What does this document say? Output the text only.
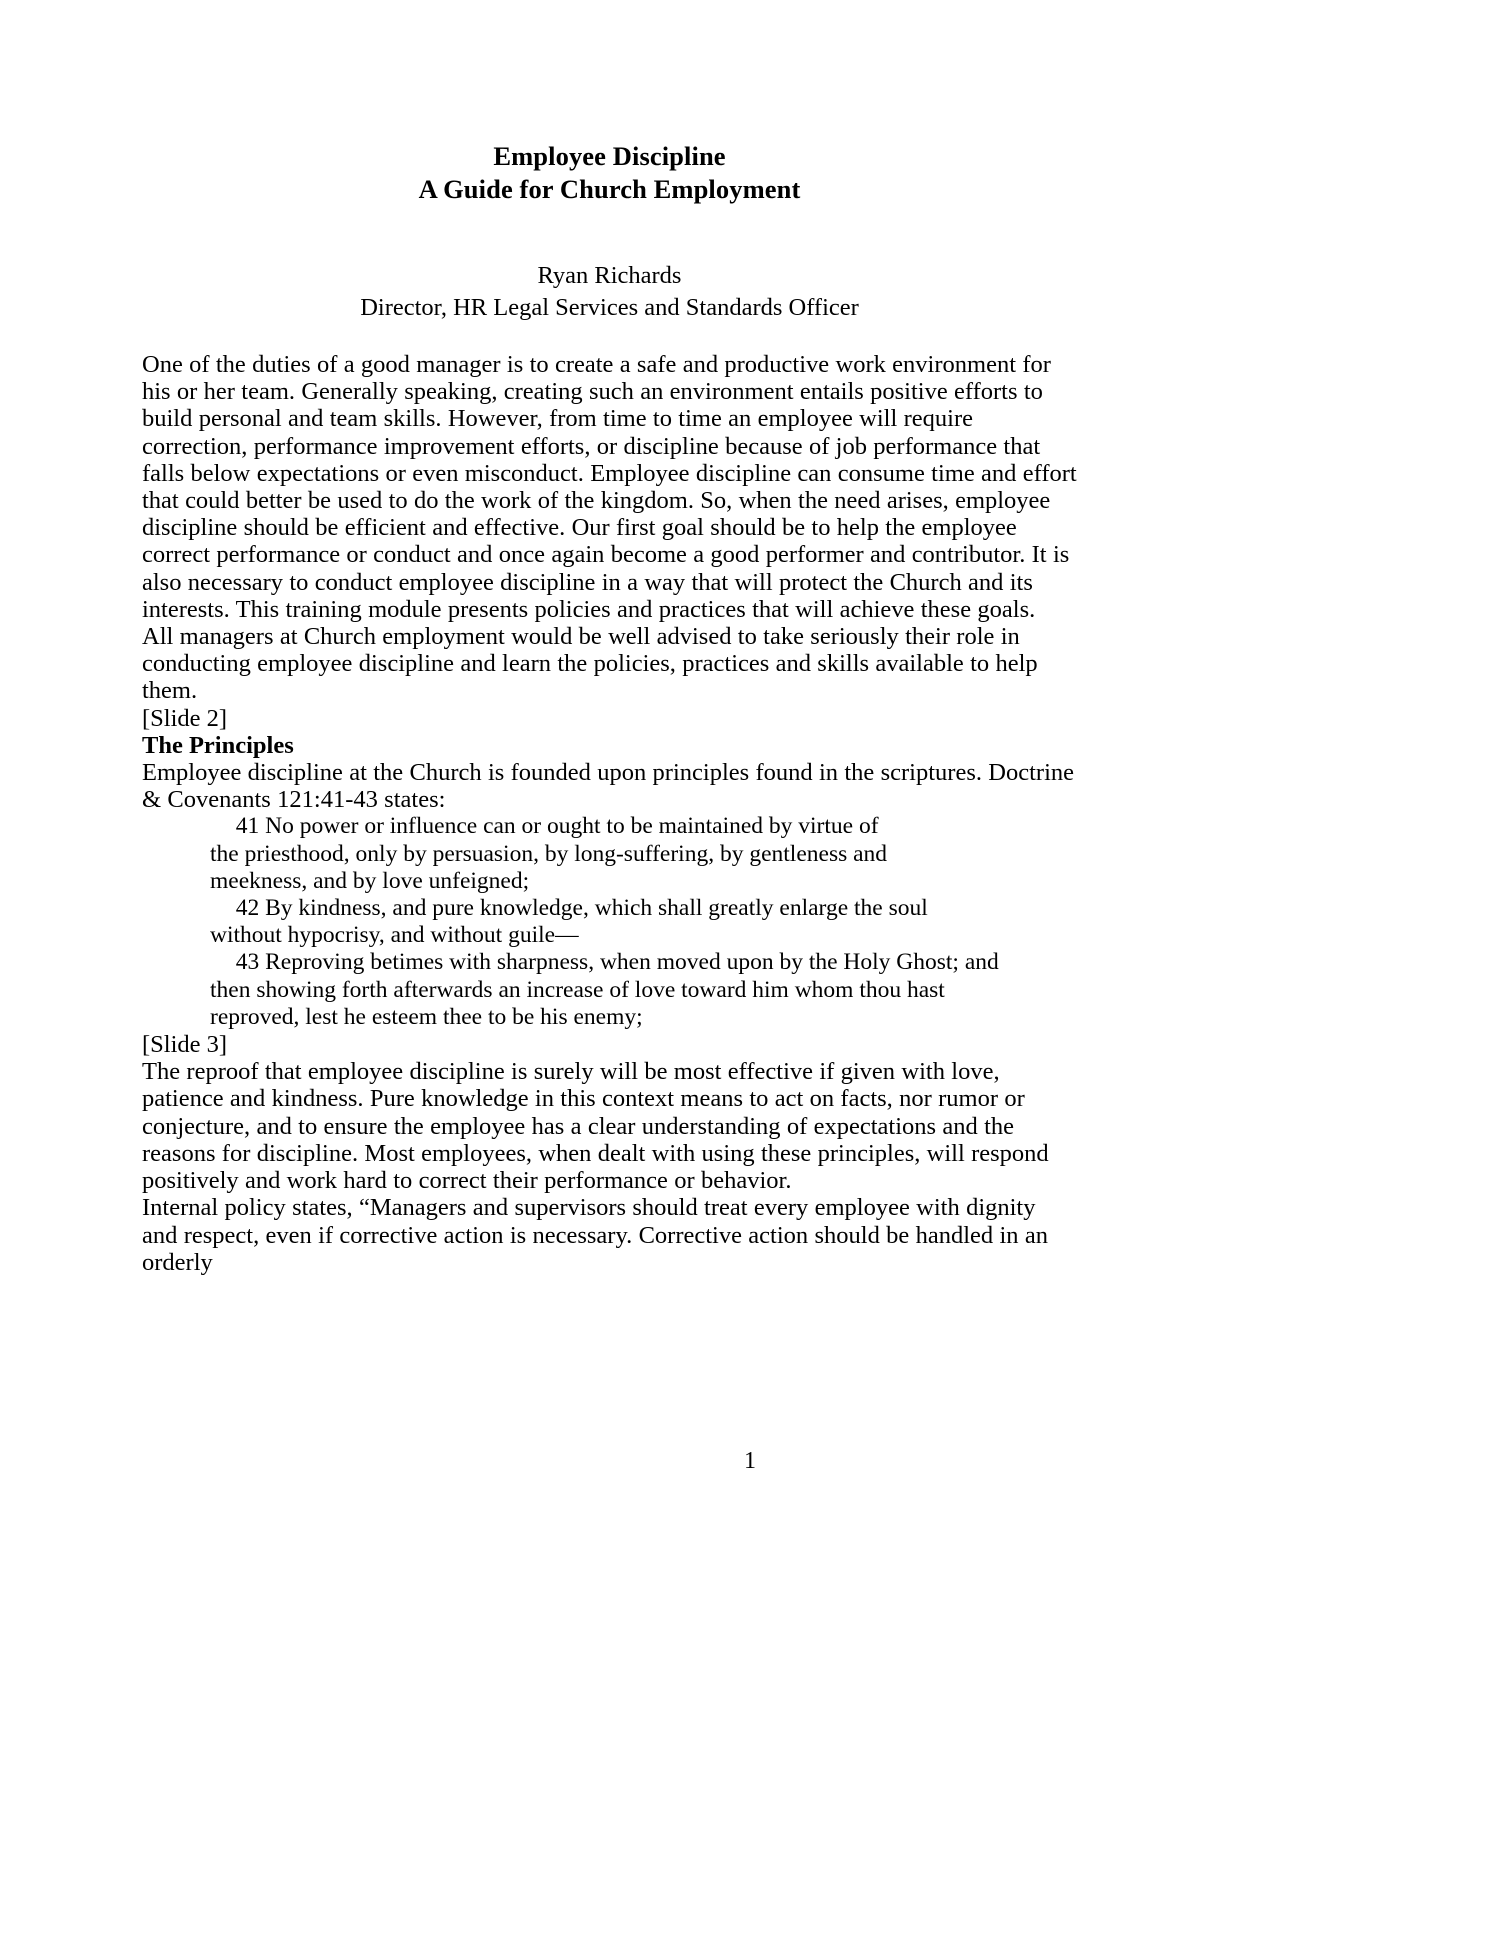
Employee Discipline
A Guide for Church Employment
Ryan Richards
Director, HR Legal Services and Standards Officer

One of the duties of a good manager is to create a safe and productive work environment for his or her team. Generally speaking, creating such an environment entails positive efforts to build personal and team skills. However, from time to time an employee will require correction, performance improvement efforts, or discipline because of job performance that falls below expectations or even misconduct. Employee discipline can consume time and effort that could better be used to do the work of the kingdom. So, when the need arises, employee discipline should be efficient and effective. Our first goal should be to help the employee correct performance or conduct and once again become a good performer and contributor. It is also necessary to conduct employee discipline in a way that will protect the Church and its interests. This training module presents policies and practices that will achieve these goals.

All managers at Church employment would be well advised to take seriously their role in conducting employee discipline and learn the policies, practices and skills available to help them.

[Slide 2]

The Principles

Employee discipline at the Church is founded upon principles found in the scriptures. Doctrine & Covenants 121:41-43 states:

41 No power or influence can or ought to be maintained by virtue of
the priesthood, only by persuasion, by long-suffering, by gentleness and
meekness, and by love unfeigned;
42 By kindness, and pure knowledge, which shall greatly enlarge the soul
without hypocrisy, and without guile—
43 Reproving betimes with sharpness, when moved upon by the Holy Ghost; and
then showing forth afterwards an increase of love toward him whom thou hast
reproved, lest he esteem thee to be his enemy;

[Slide 3]

The reproof that employee discipline is surely will be most effective if given with love, patience and kindness. Pure knowledge in this context means to act on facts, nor rumor or conjecture, and to ensure the employee has a clear understanding of expectations and the reasons for discipline. Most employees, when dealt with using these principles, will respond positively and work hard to correct their performance or behavior.

Internal policy states, “Managers and supervisors should treat every employee with dignity and respect, even if corrective action is necessary. Corrective action should be handled in an orderly

1
